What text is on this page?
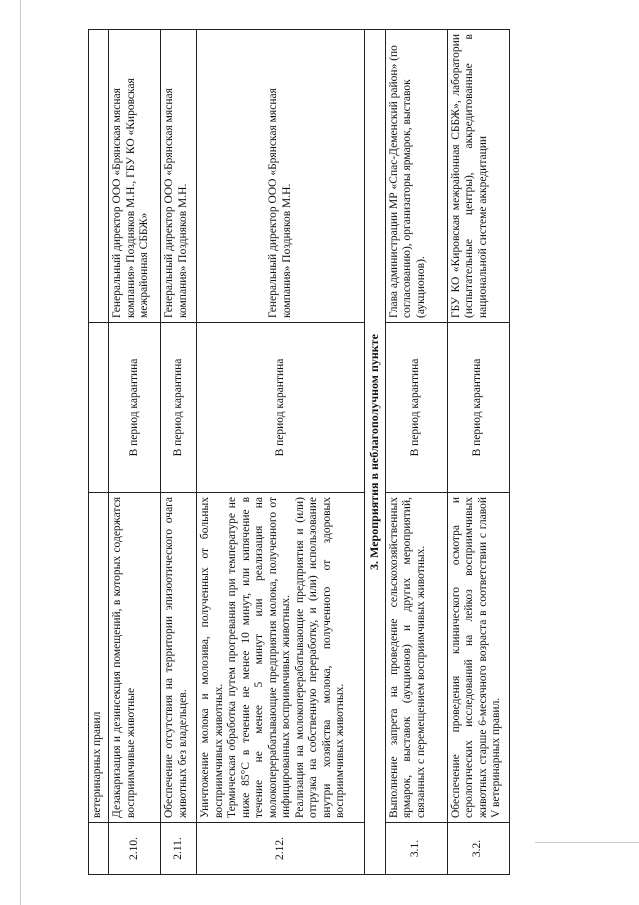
	ветеринарных правил		
2.10.	Дезакаризация и дезинсекция помещений, в которых содержатся восприимчивые животные	В период карантина	Генеральный директор ООО «Брянская мясная компания» Поздняков М.Н., ГБУ КО «Кировская межрайонная СББЖ»
2.11.	Обеспечение отсутствия на территории эпизоотического очага животных без владельцев.	В период карантина	Генеральный директор ООО «Брянская мясная компания» Поздняков М.Н.
2.12.	Уничтожение молока и молозива, полученных от больных восприимчивых животных. Термическая обработка путем прогревания при температуре не ниже 85°С в течение не менее 10 минут, или кипячение в течение не менее 5 минут или реализация на молокоперерабатывающие предприятия молока, полученного от инфицированных восприимчивых животных. Реализация на молокоперерабатывающие предприятия и (или) отгрузка на собственную переработку, и (или) использование внутри хозяйства молока, полученного от здоровых восприимчивых животных.	В период карантина	Генеральный директор ООО «Брянская мясная компания» Поздняков М.Н.
3. Мероприятия в неблагополучном пункте			
3.1.	Выполнение запрета на проведение сельскохозяйственных ярмарок, выставок (аукционов) и других мероприятий, связанных с перемещением восприимчивых животных.	В период карантина	Глава администрации МР «Спас-Деменский район» (по согласованию), организаторы ярмарок, выставок (аукционов).
3.2.	Обеспечение проведения клинического осмотра и серологических исследований на лейкоз восприимчивых животных старше 6-месячного возраста в соответствии с главой V ветеринарных правил.	В период карантина	ГБУ КО «Кировская межрайонная СББЖ», лаборатории (испытательные центры), аккредитованные в национальной системе аккредитации
